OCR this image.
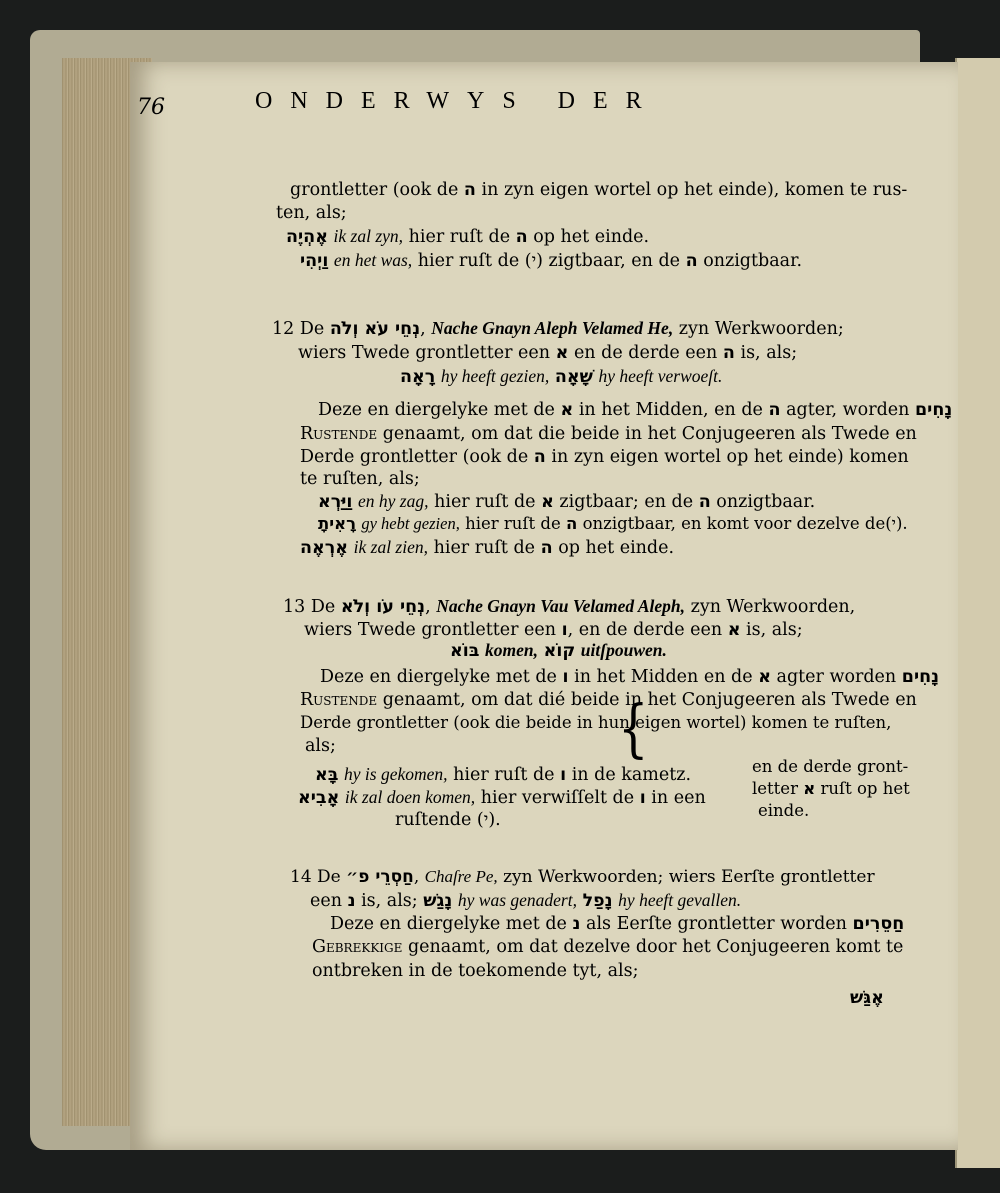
76	ONDERWYS DER
grontletter (ook de ה in zyn eigen wortel op het einde), komen te rus-
ten, als;
אֶהְיֶה ik zal zyn, hier ruſt de ה op het einde.
וַיְהִי en het was, hier ruſt de (י) zigtbaar, en de ה onzigtbaar.
12 De נְחֵי עֹא וְלֹה, Nache Gnayn Aleph Velamed He, zyn Werkwoorden;
wiers Twede grontletter een א en de derde een ה is, als;
רָאָה hy heeft gezien, שָׁאָה hy heeft verwoeſt.
Deze en diergelyke met de א in het Midden, en de ה agter, worden נָחִים
Rustende genaamt, om dat die beide in het Conjugeeren als Twede en
Derde grontletter (ook de ה in zyn eigen wortel op het einde) komen
te ruſten, als;
וַיַּרְא en hy zag, hier ruſt de א zigtbaar; en de ה onzigtbaar.
רָאִיתָ gy hebt gezien, hier ruſt de ה onzigtbaar, en komt voor dezelve de(י).
אֶרְאֶה ik zal zien, hier ruſt de ה op het einde.
13 De נְחֵי עֹו וְלֹא, Nache Gnayn Vau Velamed Aleph, zyn Werkwoorden,
wiers Twede grontletter een ו, en de derde een א is, als;
בּוֹא komen, קוֹא uitſpouwen.
Deze en diergelyke met de ו in het Midden en de א agter worden נָחִים
Rustende genaamt, om dat dié beide in het Conjugeeren als Twede en
Derde grontletter (ook die beide in hun eigen wortel) komen te ruſten,
als;
בָּא hy is gekomen, hier ruſt de ו in de kametz.
אָבִיא ik zal doen komen, hier verwiſſelt de ו in een
ruſtende (י).
{
en de derde gront-
letter א ruſt op het
einde.
14 De חַסְרֵי פ״, Chaſre Pe, zyn Werkwoorden; wiers Eerſte grontletter
een נ is, als; נָגַשׁ hy was genadert, נָפַל hy heeft gevallen.
Deze en diergelyke met de נ als Eerſte grontletter worden חַסֵרִים
Gebrekkige genaamt, om dat dezelve door het Conjugeeren komt te
ontbreken in de toekomende tyt, als;
אֶגַּשׁ
